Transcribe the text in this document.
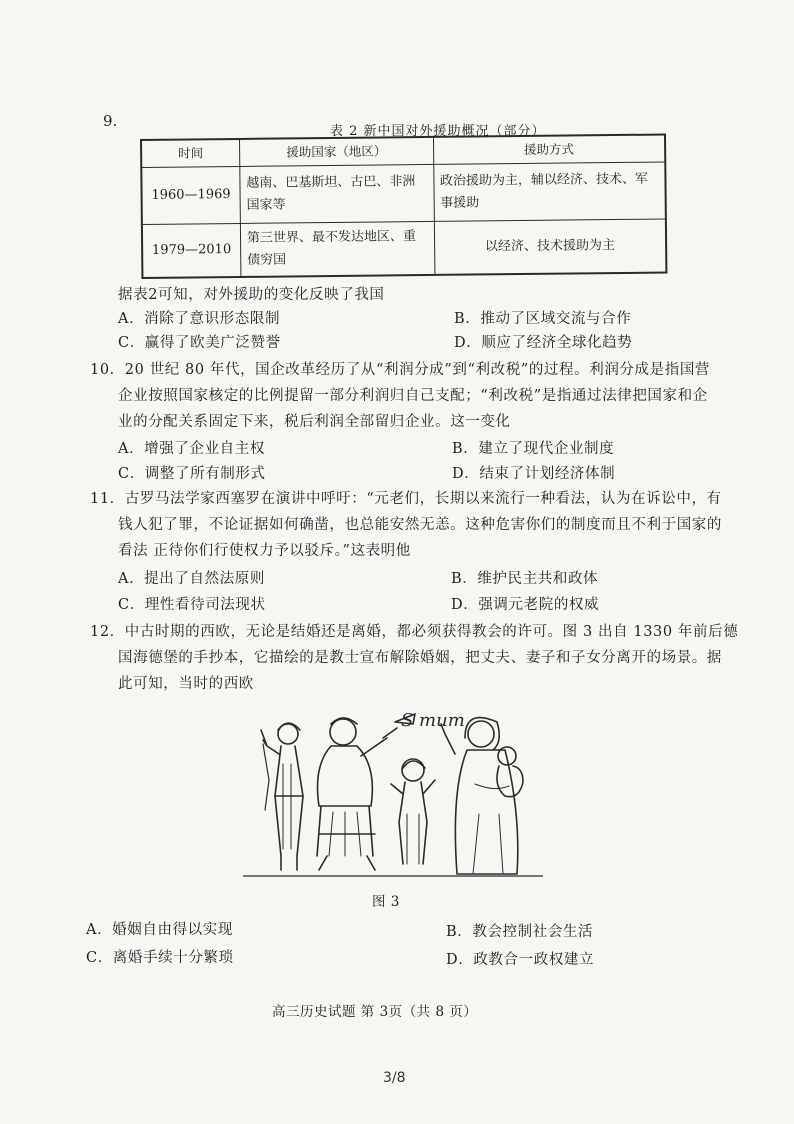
9.
表 2 新中国对外援助概况（部分）
时间	援助国家（地区）	援助方式
1960—1969	越南、巴基斯坦、古巴、非洲国家等	政治援助为主，辅以经济、技术、军事援助
1979—2010	第三世界、最不发达地区、重债穷国	以经济、技术援助为主
据表2可知，对外援助的变化反映了我国
A．消除了意识形态限制	B．推动了区域交流与合作
C．赢得了欧美广泛赞誉	D．顺应了经济全球化趋势
10．20 世纪 80 年代，国企改革经历了从“利润分成”到“利改税”的过程。利润分成是指国营
企业按照国家核定的比例提留一部分利润归自己支配；“利改税”是指通过法律把国家和企
业的分配关系固定下来，税后利润全部留归企业。这一变化
A．增强了企业自主权	B．建立了现代企业制度
C．调整了所有制形式	D．结束了计划经济体制
11．古罗马法学家西塞罗在演讲中呼吁：“元老们，长期以来流行一种看法，认为在诉讼中，有
钱人犯了罪，不论证据如何确凿，也总能安然无恙。这种危害你们的制度而且不利于国家的
看法 正待你们行使权力予以驳斥。”这表明他
A．提出了自然法原则	B．维护民主共和政体
C．理性看待司法现状	D．强调元老院的权威
12．中古时期的西欧，无论是结婚还是离婚，都必须获得教会的许可。图 3 出自 1330 年前后德
国海德堡的手抄本，它描绘的是教士宣布解除婚姻，把丈夫、妻子和子女分离开的场景。据
此可知，当时的西欧
S mum
图 3
A．婚姻自由得以实现	B．教会控制社会生活
C．离婚手续十分繁琐	D．政教合一政权建立
高三历史试题 第 3页（共 8 页）
3/8
